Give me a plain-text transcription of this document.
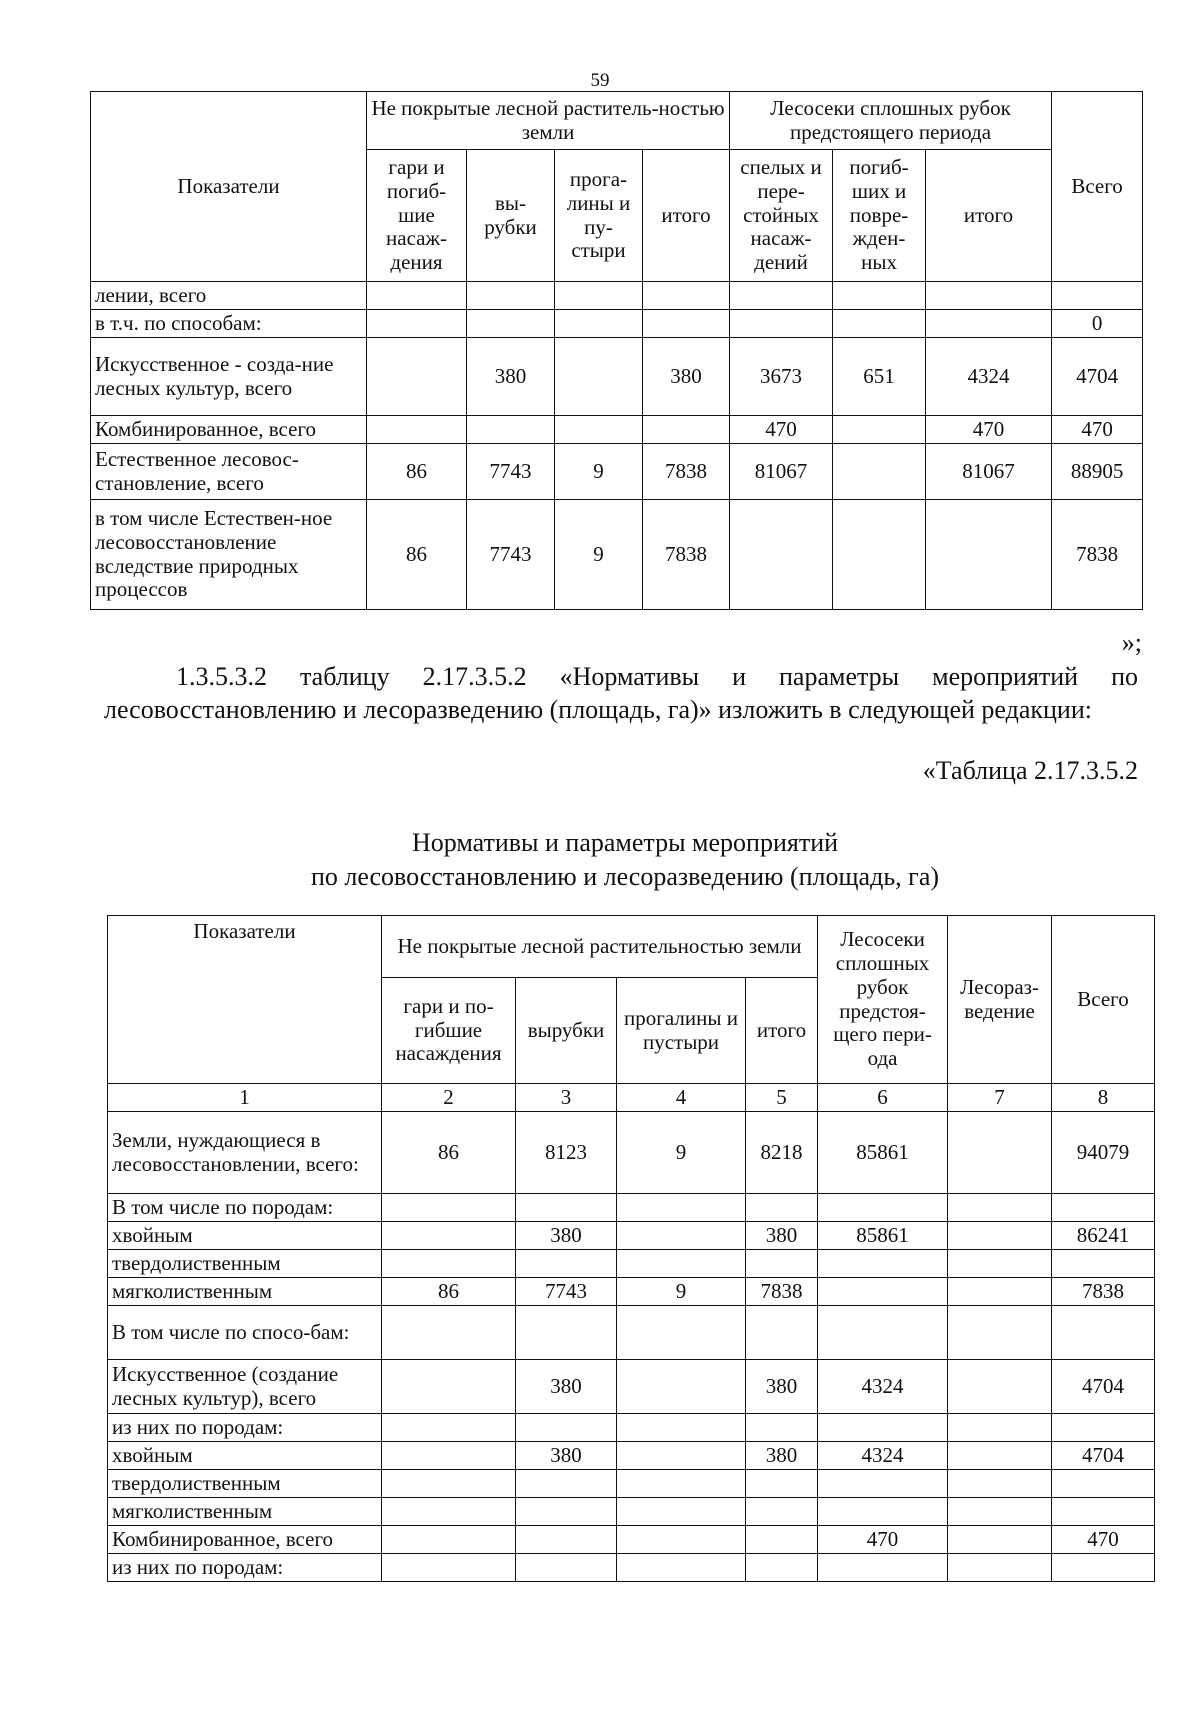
59
Показатели	Не покрытые лесной раститель-ностью земли				Лесосеки сплошных рубок предстоящего периода			Всего
	гари и погиб-шие насаж-дения	вы-рубки	прога-лины и пу-стыри	итого	спелых и пере-стойных насаж-дений	погиб-ших и повре-жден-ных	итого	
лении, всего								
в т.ч. по способам:								0
Искусственное - созда-ние лесных культур, всего		380		380	3673	651	4324	4704
Комбинированное, всего					470		470	470
Естественное лесовос-становление, всего	86	7743	9	7838	81067		81067	88905
в том числе Естествен-ное лесовосстановление вследствие природных процессов	86	7743	9	7838				7838
»;
1.3.5.3.2 таблицу 2.17.3.5.2 «Нормативы и параметры мероприятий по лесовосстановлению и лесоразведению (площадь, га)» изложить в следующей редакции:
«Таблица 2.17.3.5.2
Нормативы и параметры мероприятий
по лесовосстановлению и лесоразведению (площадь, га)
Показатели	Не покрытые лесной растительностью земли				Лесосеки сплошных рубок предстоя-щего пери-ода	Лесораз-ведение	Всего
	гари и по-гибшие насаждения	вырубки	прогалины и пустыри	итого			
1	2	3	4	5	6	7	8
Земли, нуждающиеся в лесовосстановлении, всего:	86	8123	9	8218	85861		94079
В том числе по породам:							
хвойным		380		380	85861		86241
твердолиственным							
мягколиственным	86	7743	9	7838			7838
В том числе по спосо-бам:							
Искусственное (создание лесных культур), всего		380		380	4324		4704
из них по породам:							
хвойным		380		380	4324		4704
твердолиственным							
мягколиственным							
Комбинированное, всего					470		470
из них по породам:							
